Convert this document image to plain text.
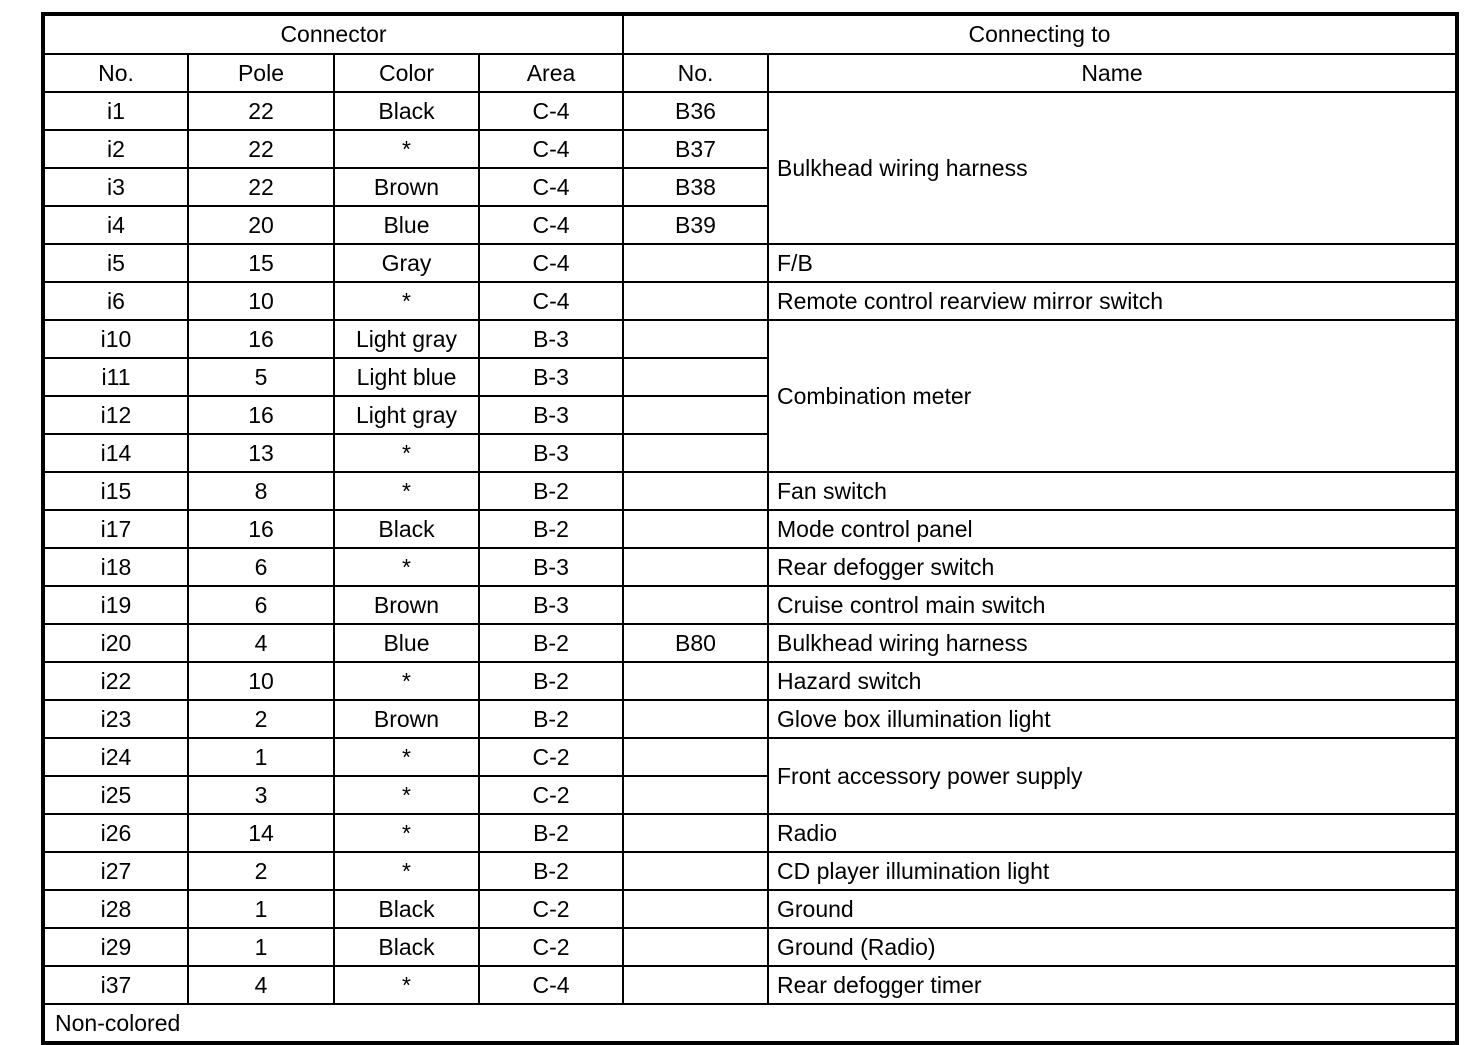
Connector				Connecting to	
No.	Pole	Color	Area	No.	Name
i1	22	Black	C-4	B36	Bulkhead wiring harness
i2	22	*	C-4	B37	
i3	22	Brown	C-4	B38	
i4	20	Blue	C-4	B39	
i5	15	Gray	C-4		F/B
i6	10	*	C-4		Remote control rearview mirror switch
i10	16	Light gray	B-3		Combination meter
i11	5	Light blue	B-3		
i12	16	Light gray	B-3		
i14	13	*	B-3		
i15	8	*	B-2		Fan switch
i17	16	Black	B-2		Mode control panel
i18	6	*	B-3		Rear defogger switch
i19	6	Brown	B-3		Cruise control main switch
i20	4	Blue	B-2	B80	Bulkhead wiring harness
i22	10	*	B-2		Hazard switch
i23	2	Brown	B-2		Glove box illumination light
i24	1	*	C-2		Front accessory power supply
i25	3	*	C-2		
i26	14	*	B-2		Radio
i27	2	*	B-2		CD player illumination light
i28	1	Black	C-2		Ground
i29	1	Black	C-2		Ground (Radio)
i37	4	*	C-4		Rear defogger timer
Non-colored					
